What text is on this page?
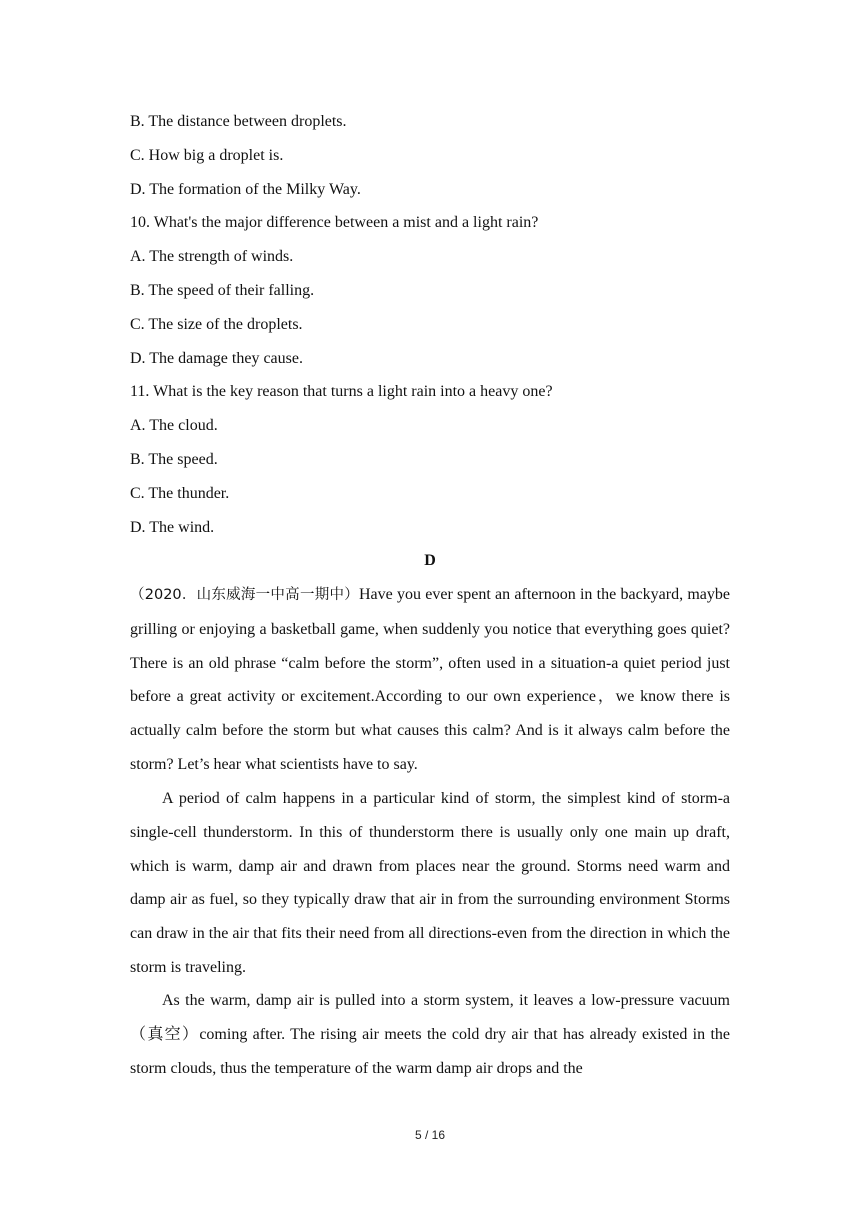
B. The distance between droplets.

C. How big a droplet is.

D. The formation of the Milky Way.

10. What's the major difference between a mist and a light rain?

A. The strength of winds.

B. The speed of their falling.

C. The size of the droplets.

D. The damage they cause.

11. What is the key reason that turns a light rain into a heavy one?

A. The cloud.

B. The speed.

C. The thunder.

D. The wind.

D

（2020．山东威海一中高一期中）Have you ever spent an afternoon in the backyard, maybe grilling or enjoying a basketball game, when suddenly you notice that everything goes quiet? There is an old phrase “calm before the storm”, often used in a situation-a quiet period just before a great activity or excitement.According to our own experience，we know there is actually calm before the storm but what causes this calm? And is it always calm before the storm? Let’s hear what scientists have to say.

A period of calm happens in a particular kind of storm, the simplest kind of storm-a single-cell thunderstorm. In this of thunderstorm there is usually only one main up draft, which is warm, damp air and drawn from places near the ground. Storms need warm and damp air as fuel, so they typically draw that air in from the surrounding environment Storms can draw in the air that fits their need from all directions-even from the direction in which the storm is traveling.

As the warm, damp air is pulled into a storm system, it leaves a low-pressure vacuum（真空）coming after. The rising air meets the cold dry air that has already existed in the storm clouds, thus the temperature of the warm damp air drops and the

5 / 16
